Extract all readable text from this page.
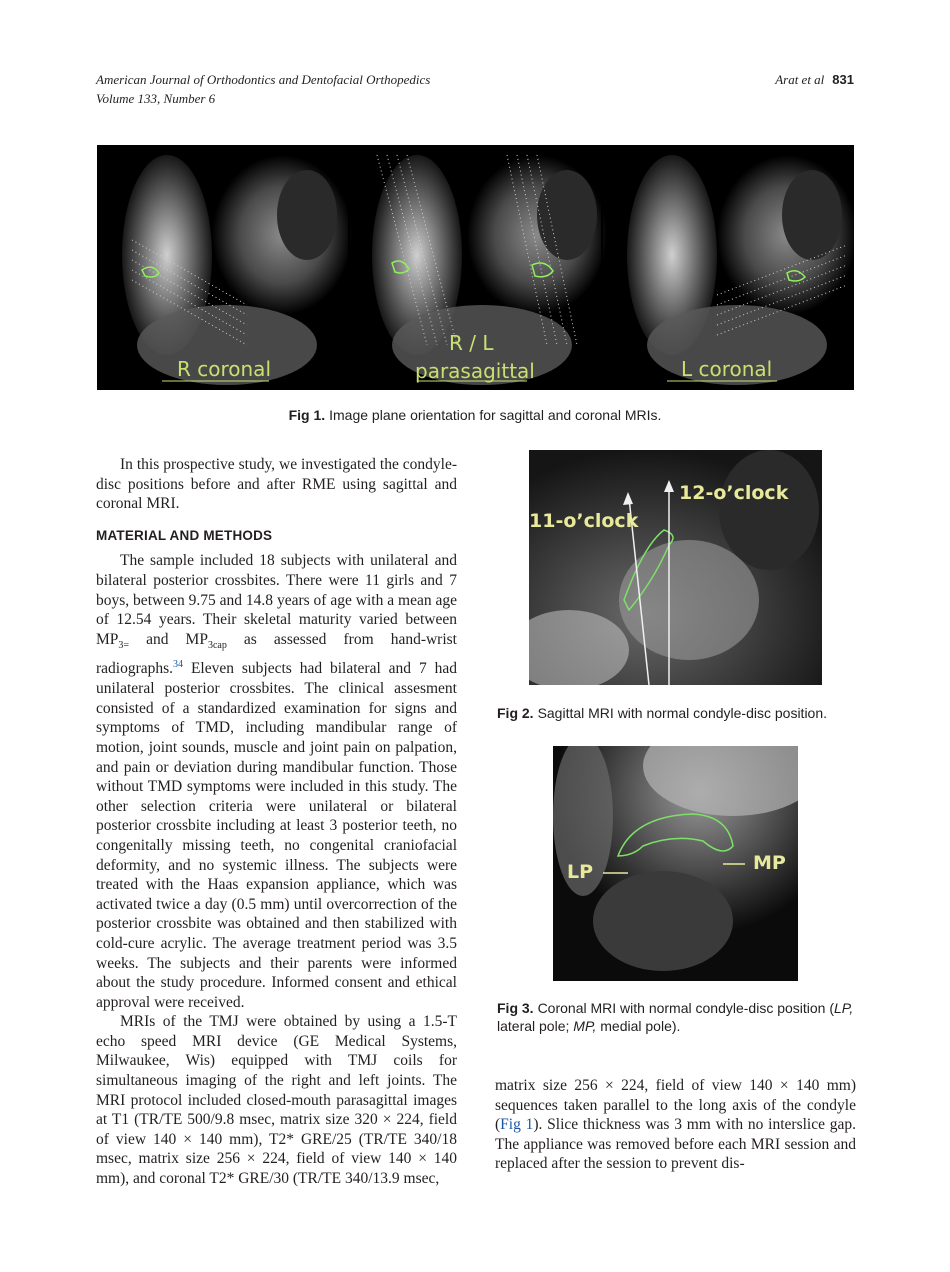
American Journal of Orthodontics and Dentofacial Orthopedics
Volume 133, Number 6
Arat et al 831
R coronal
R / L
parasagittal	L coronal
Fig 1. Image plane orientation for sagittal and coronal MRIs.

In this prospective study, we investigated the condyle-disc positions before and after RME using sagittal and coronal MRI.

MATERIAL AND METHODS

The sample included 18 subjects with unilateral and bilateral posterior crossbites. There were 11 girls and 7 boys, between 9.75 and 14.8 years of age with a mean age of 12.54 years. Their skeletal maturity varied between $MP_{3=}$ and $MP_{3cap}$ as assessed from hand-wrist radiographs.$^{34}$ Eleven subjects had bilateral and 7 had unilateral posterior crossbites. The clinical assesment consisted of a standardized examination for signs and symptoms of TMD, including mandibular range of motion, joint sounds, muscle and joint pain on palpation, and pain or deviation during mandibular function. Those without TMD symptoms were included in this study. The other selection criteria were unilateral or bilateral posterior crossbite including at least 3 posterior teeth, no congenitally missing teeth, no congenital craniofacial deformity, and no systemic illness. The subjects were treated with the Haas expansion appliance, which was activated twice a day (0.5 mm) until overcorrection of the posterior crossbite was obtained and then stabilized with cold-cure acrylic. The average treatment period was 3.5 weeks. The subjects and their parents were informed about the study procedure. Informed consent and ethical approval were received.

MRIs of the TMJ were obtained by using a 1.5-T echo speed MRI device (GE Medical Systems, Milwaukee, Wis) equipped with TMJ coils for simultaneous imaging of the right and left joints. The MRI protocol included closed-mouth parasagittal images at T1 (TR/TE 500/9.8 msec, matrix size 320 × 224, field of view 140 × 140 mm), T2* GRE/25 (TR/TE 340/18 msec, matrix size 256 × 224, field of view 140 × 140 mm), and coronal T2* GRE/30 (TR/TE 340/13.9 msec,

12-o’clock
11-o’clock
Fig 2. Sagittal MRI with normal condyle-disc position.
LP	MP
Fig 3. Coronal MRI with normal condyle-disc position (LP, lateral pole; MP, medial pole).

matrix size 256 × 224, field of view 140 × 140 mm) sequences taken parallel to the long axis of the condyle (Fig 1). Slice thickness was 3 mm with no interslice gap. The appliance was removed before each MRI session and replaced after the session to prevent dis-
